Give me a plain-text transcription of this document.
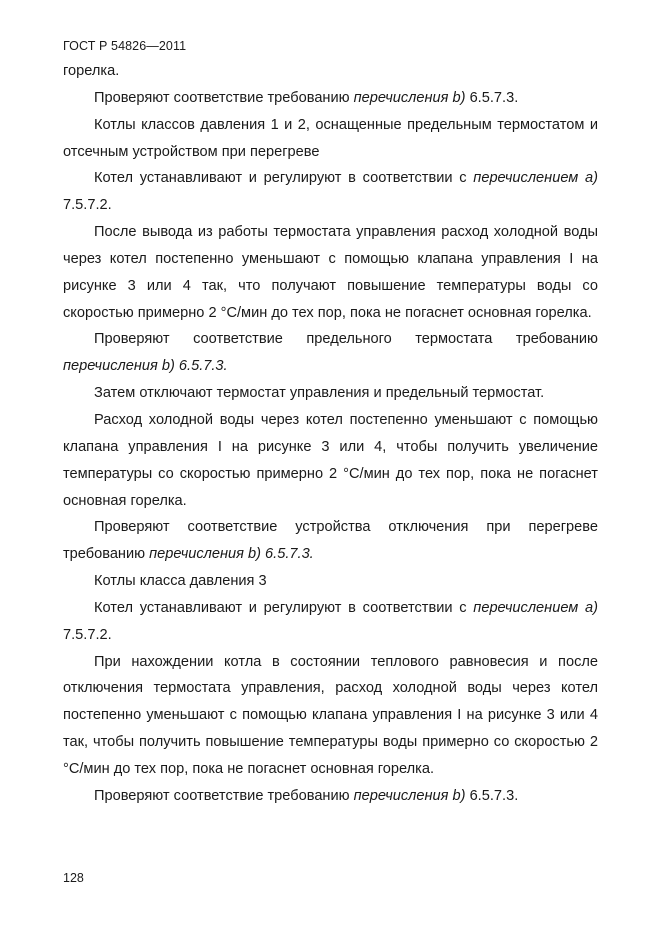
ГОСТ Р 54826—2011

горелка.

Проверяют соответствие требованию перечисления b) 6.5.7.3.

Котлы классов давления 1 и 2, оснащенные предельным термостатом и отсечным устройством при перегреве

Котел устанавливают и регулируют в соответствии с перечислением а) 7.5.7.2.

После вывода из работы термостата управления расход холодной воды через котел постепенно уменьшают с помощью клапана управления I на рисунке 3 или 4 так, что получают повышение температуры воды со скоростью примерно 2 °С/мин до тех пор, пока не погаснет основная горелка.

Проверяют соответствие предельного термостата требованию перечисления b) 6.5.7.3.

Затем отключают термостат управления и предельный термостат.

Расход холодной воды через котел постепенно уменьшают с помощью клапана управления I на рисунке 3 или 4, чтобы получить увеличение температуры со скоростью примерно 2 °С/мин до тех пор, пока не погаснет основная горелка.

Проверяют соответствие устройства отключения при перегреве требованию перечисления b) 6.5.7.3.

Котлы класса давления 3

Котел устанавливают и регулируют в соответствии с перечислением а) 7.5.7.2.

При нахождении котла в состоянии теплового равновесия и после отключения термостата управления, расход холодной воды через котел постепенно уменьшают с помощью клапана управления I на рисунке 3 или 4 так, чтобы получить повышение температуры воды примерно со скоростью 2 °С/мин до тех пор, пока не погаснет основная горелка.

Проверяют соответствие требованию перечисления b) 6.5.7.3.

128
